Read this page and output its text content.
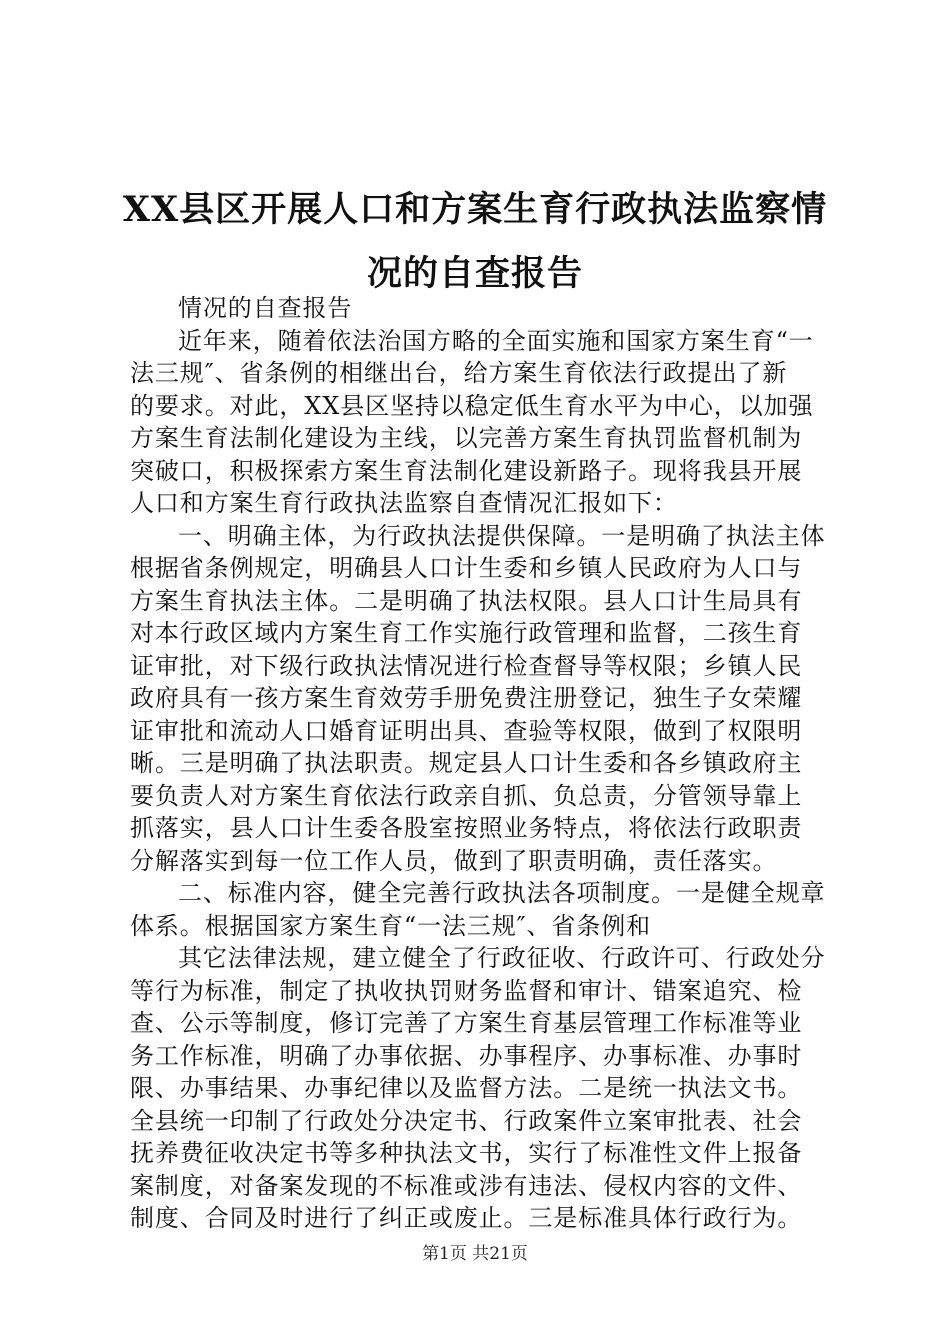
XX县区开展人口和方案生育行政执法监察情
况的自查报告
情况的自查报告
近年来，随着依法治国方略的全面实施和国家方案生育“一
法三规″、省条例的相继出台，给方案生育依法行政提出了新
的要求。对此，XX县区坚持以稳定低生育水平为中心，以加强
方案生育法制化建设为主线，以完善方案生育执罚监督机制为
突破口，积极探索方案生育法制化建设新路子。现将我县开展
人口和方案生育行政执法监察自查情况汇报如下：
一、明确主体，为行政执法提供保障。一是明确了执法主体
根据省条例规定，明确县人口计生委和乡镇人民政府为人口与
方案生育执法主体。二是明确了执法权限。县人口计生局具有
对本行政区域内方案生育工作实施行政管理和监督，二孩生育
证审批，对下级行政执法情况进行检查督导等权限；乡镇人民
政府具有一孩方案生育效劳手册免费注册登记，独生子女荣耀
证审批和流动人口婚育证明出具、查验等权限，做到了权限明
晰。三是明确了执法职责。规定县人口计生委和各乡镇政府主
要负责人对方案生育依法行政亲自抓、负总责，分管领导靠上
抓落实，县人口计生委各股室按照业务特点，将依法行政职责
分解落实到每一位工作人员，做到了职责明确，责任落实。
二、标准内容，健全完善行政执法各项制度。一是健全规章
体系。根据国家方案生育“一法三规″、省条例和
其它法律法规，建立健全了行政征收、行政许可、行政处分
等行为标准，制定了执收执罚财务监督和审计、错案追究、检
查、公示等制度，修订完善了方案生育基层管理工作标准等业
务工作标准，明确了办事依据、办事程序、办事标准、办事时
限、办事结果、办事纪律以及监督方法。二是统一执法文书。
全县统一印制了行政处分决定书、行政案件立案审批表、社会
抚养费征收决定书等多种执法文书，实行了标准性文件上报备
案制度，对备案发现的不标准或涉有违法、侵权内容的文件、
制度、合同及时进行了纠正或废止。三是标准具体行政行为。
第1页 共21页
